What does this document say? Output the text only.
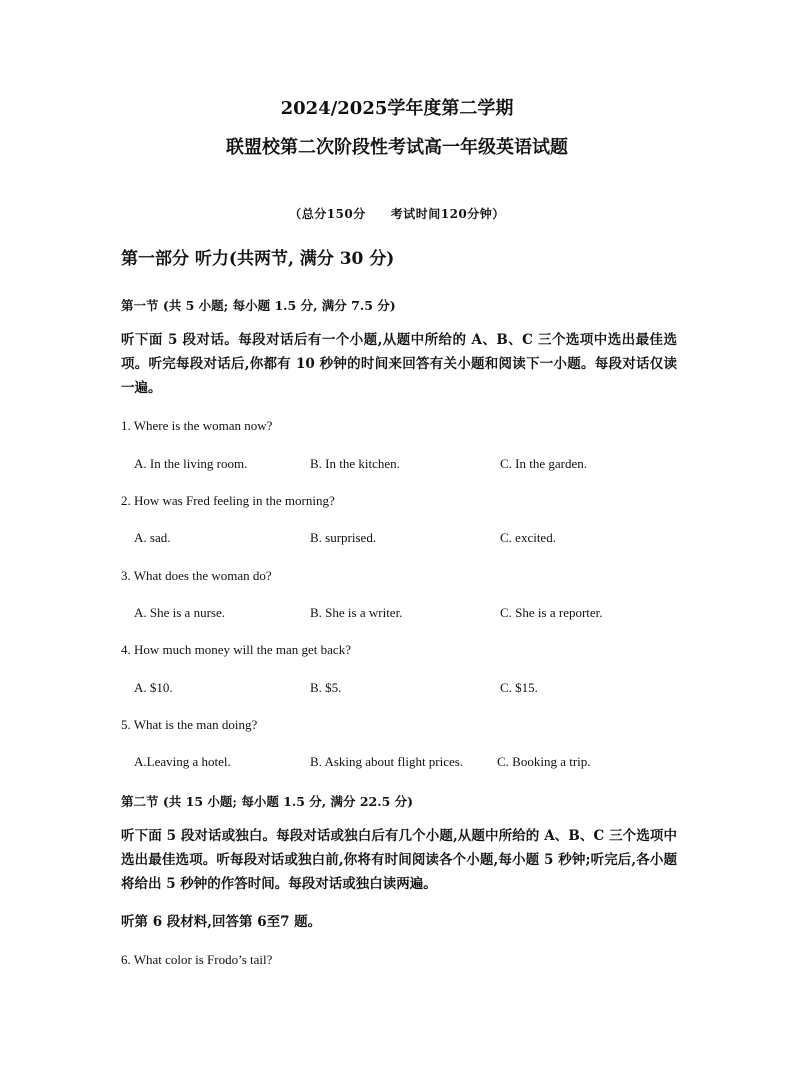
2024/2025学年度第二学期
联盟校第二次阶段性考试高一年级英语试题
（总分150分　　考试时间120分钟）
第一部分 听力(共两节, 满分 30 分)
第一节 (共 5 小题; 每小题 1.5 分, 满分 7.5 分)
听下面 5 段对话。每段对话后有一个小题,从题中所给的 A、B、C 三个选项中选出最佳选项。听完每段对话后,你都有 10 秒钟的时间来回答有关小题和阅读下一小题。每段对话仅读一遍。
1. Where is the woman now?
A. In the living room.	B. In the kitchen.	C. In the garden.
2. How was Fred feeling in the morning?
A. sad.	B. surprised.	C. excited.
3. What does the woman do?
A. She is a nurse.	B. She is a writer.	C. She is a reporter.
4. How much money will the man get back?
A. $10.	B. $5.	C. $15.
5. What is the man doing?
A.Leaving a hotel.	B. Asking about flight prices.	C. Booking a trip.
第二节 (共 15 小题; 每小题 1.5 分, 满分 22.5 分)
听下面 5 段对话或独白。每段对话或独白后有几个小题,从题中所给的 A、B、C 三个选项中选出最佳选项。听每段对话或独白前,你将有时间阅读各个小题,每小题 5 秒钟;听完后,各小题将给出 5 秒钟的作答时间。每段对话或独白读两遍。
听第 6 段材料,回答第 6至7 题。
6. What color is Frodo’s tail?
